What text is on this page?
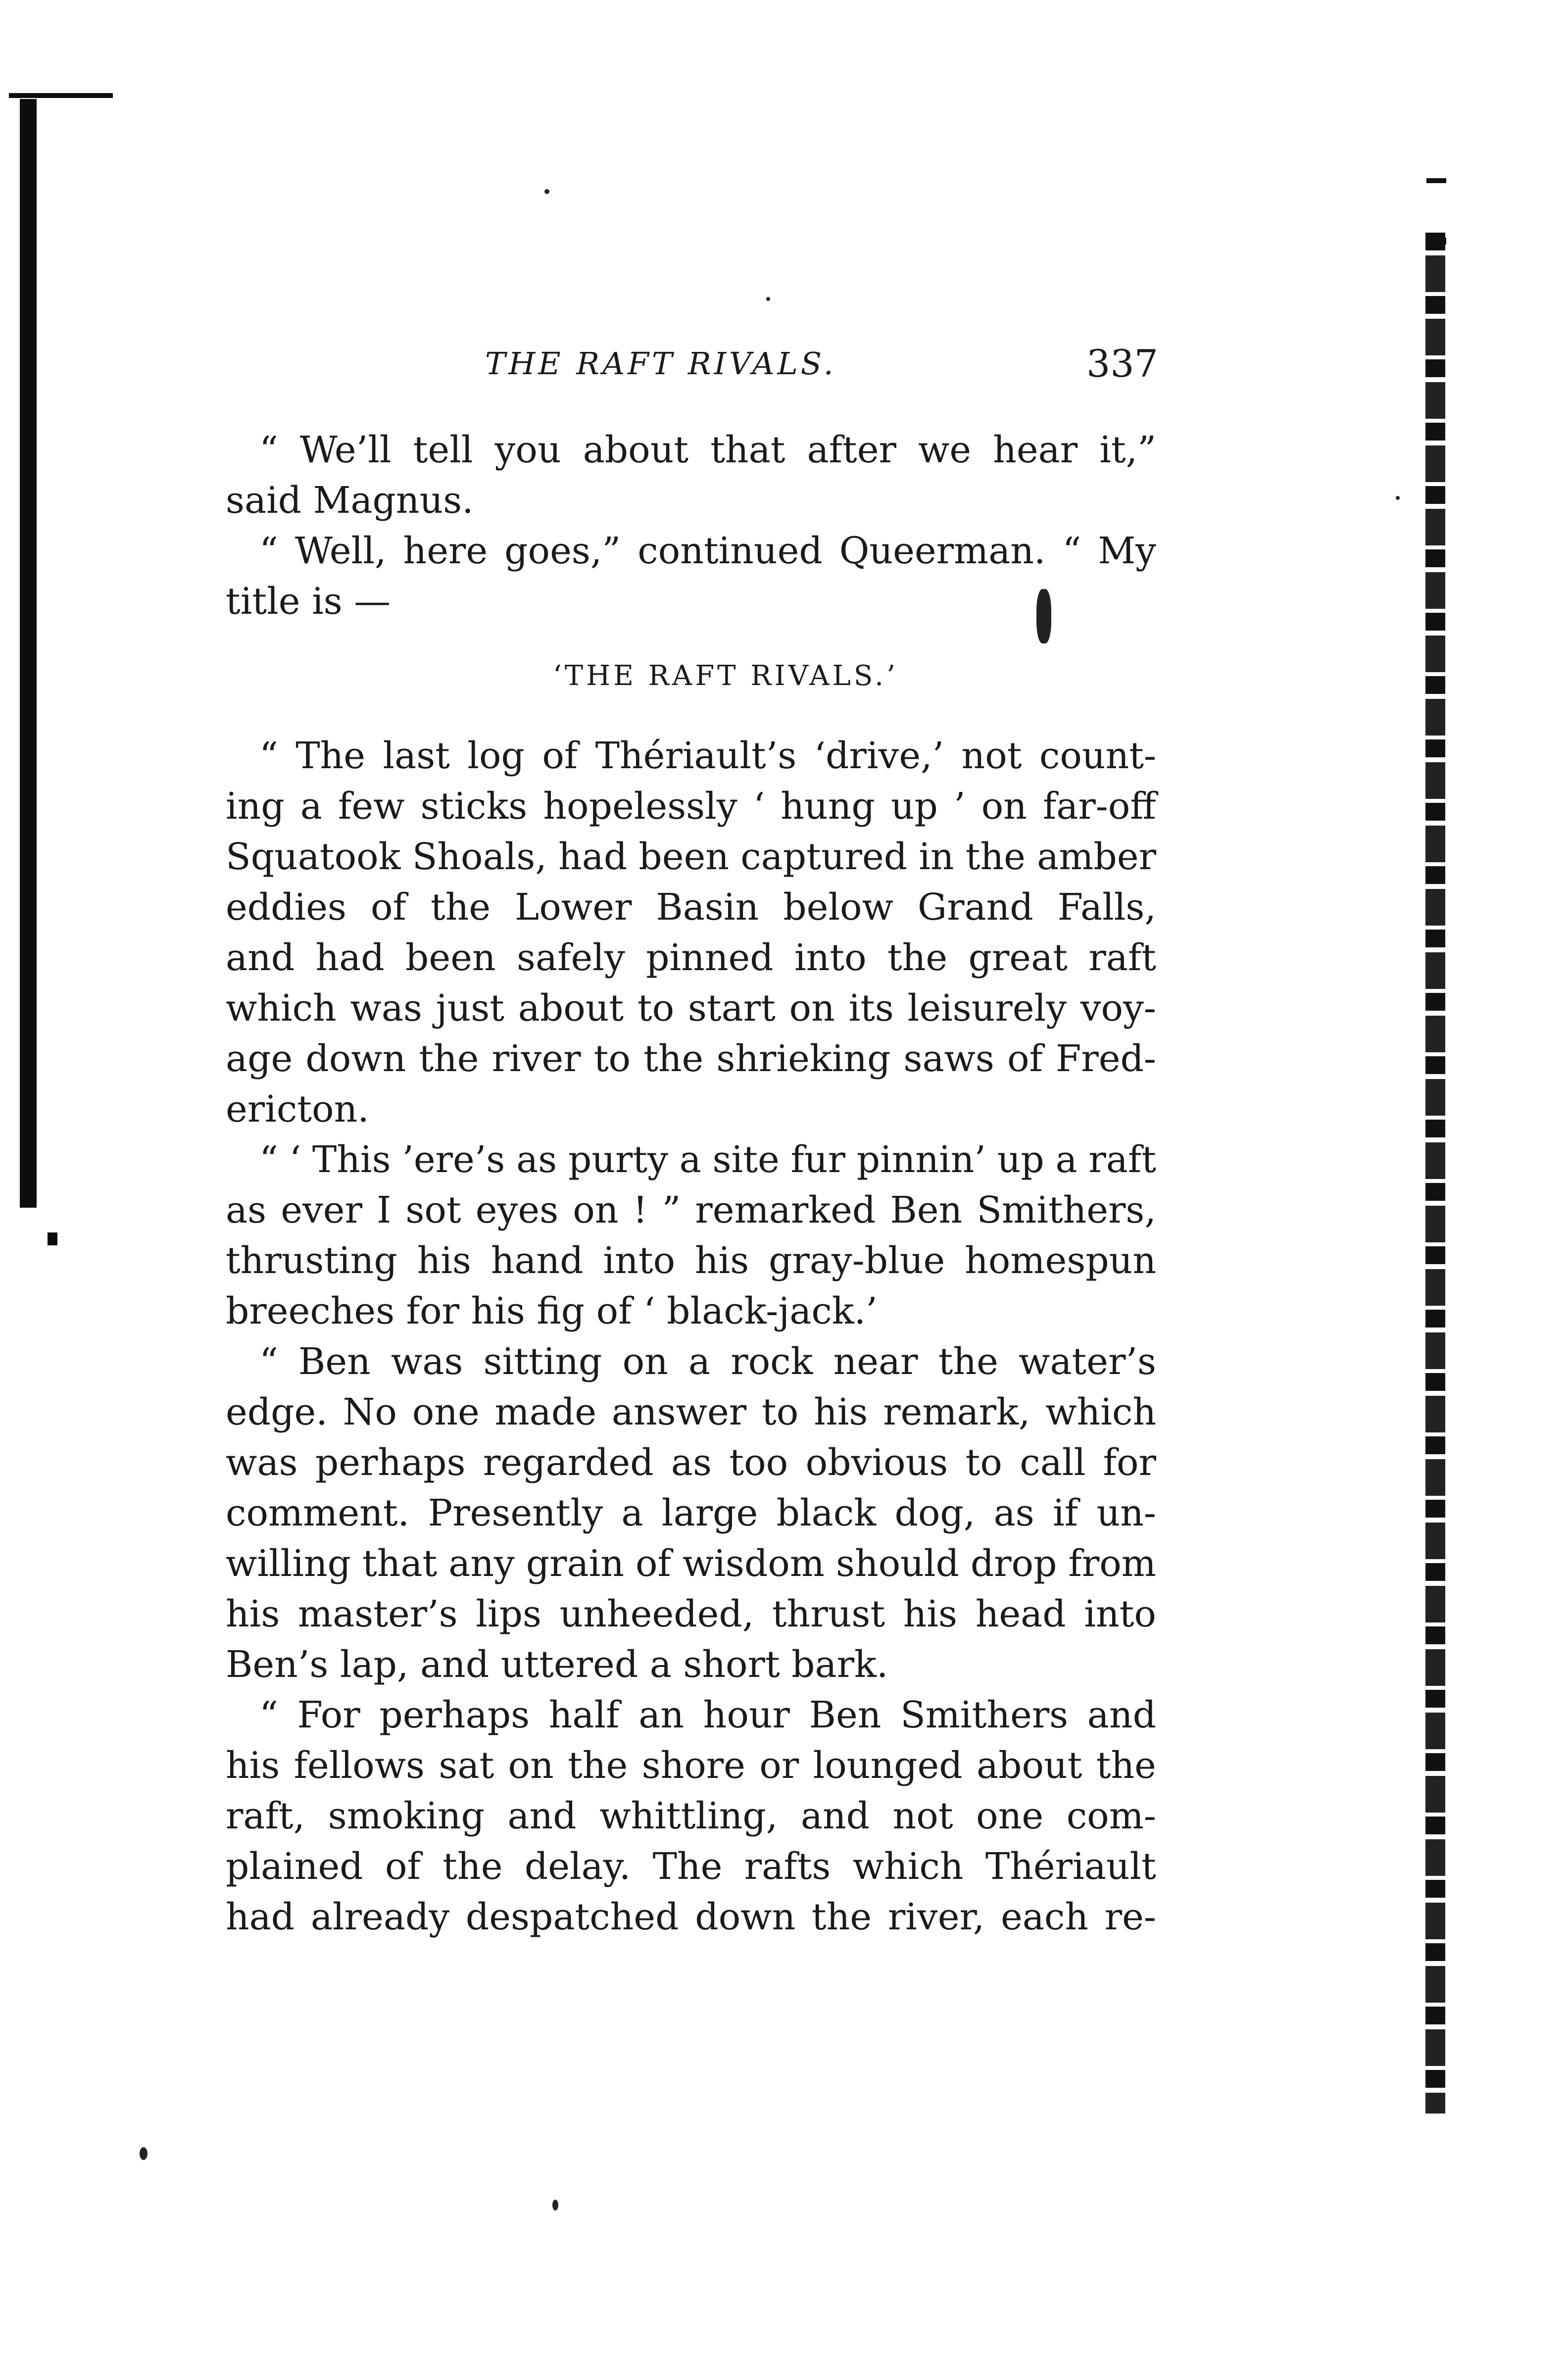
THE RAFT RIVALS.	337
“ We’ll tell you about that after we hear it,”
said Magnus.
“ Well, here goes,” continued Queerman. “ My
title is —
‘THE RAFT RIVALS.’
“ The last log of Thériault’s ‘drive,’ not count-
ing a few sticks hopelessly ‘ hung up ’ on far-off
Squatook Shoals, had been captured in the amber
eddies of the Lower Basin below Grand Falls,
and had been safely pinned into the great raft
which was just about to start on its leisurely voy-
age down the river to the shrieking saws of Fred-
ericton.
“ ‘ This ’ere’s as purty a site fur pinnin’ up a raft
as ever I sot eyes on ! ” remarked Ben Smithers,
thrusting his hand into his gray-blue homespun
breeches for his fig of ‘ black-jack.’
“ Ben was sitting on a rock near the water’s
edge. No one made answer to his remark, which
was perhaps regarded as too obvious to call for
comment. Presently a large black dog, as if un-
willing that any grain of wisdom should drop from
his master’s lips unheeded, thrust his head into
Ben’s lap, and uttered a short bark.
“ For perhaps half an hour Ben Smithers and
his fellows sat on the shore or lounged about the
raft, smoking and whittling, and not one com-
plained of the delay. The rafts which Thériault
had already despatched down the river, each re-
